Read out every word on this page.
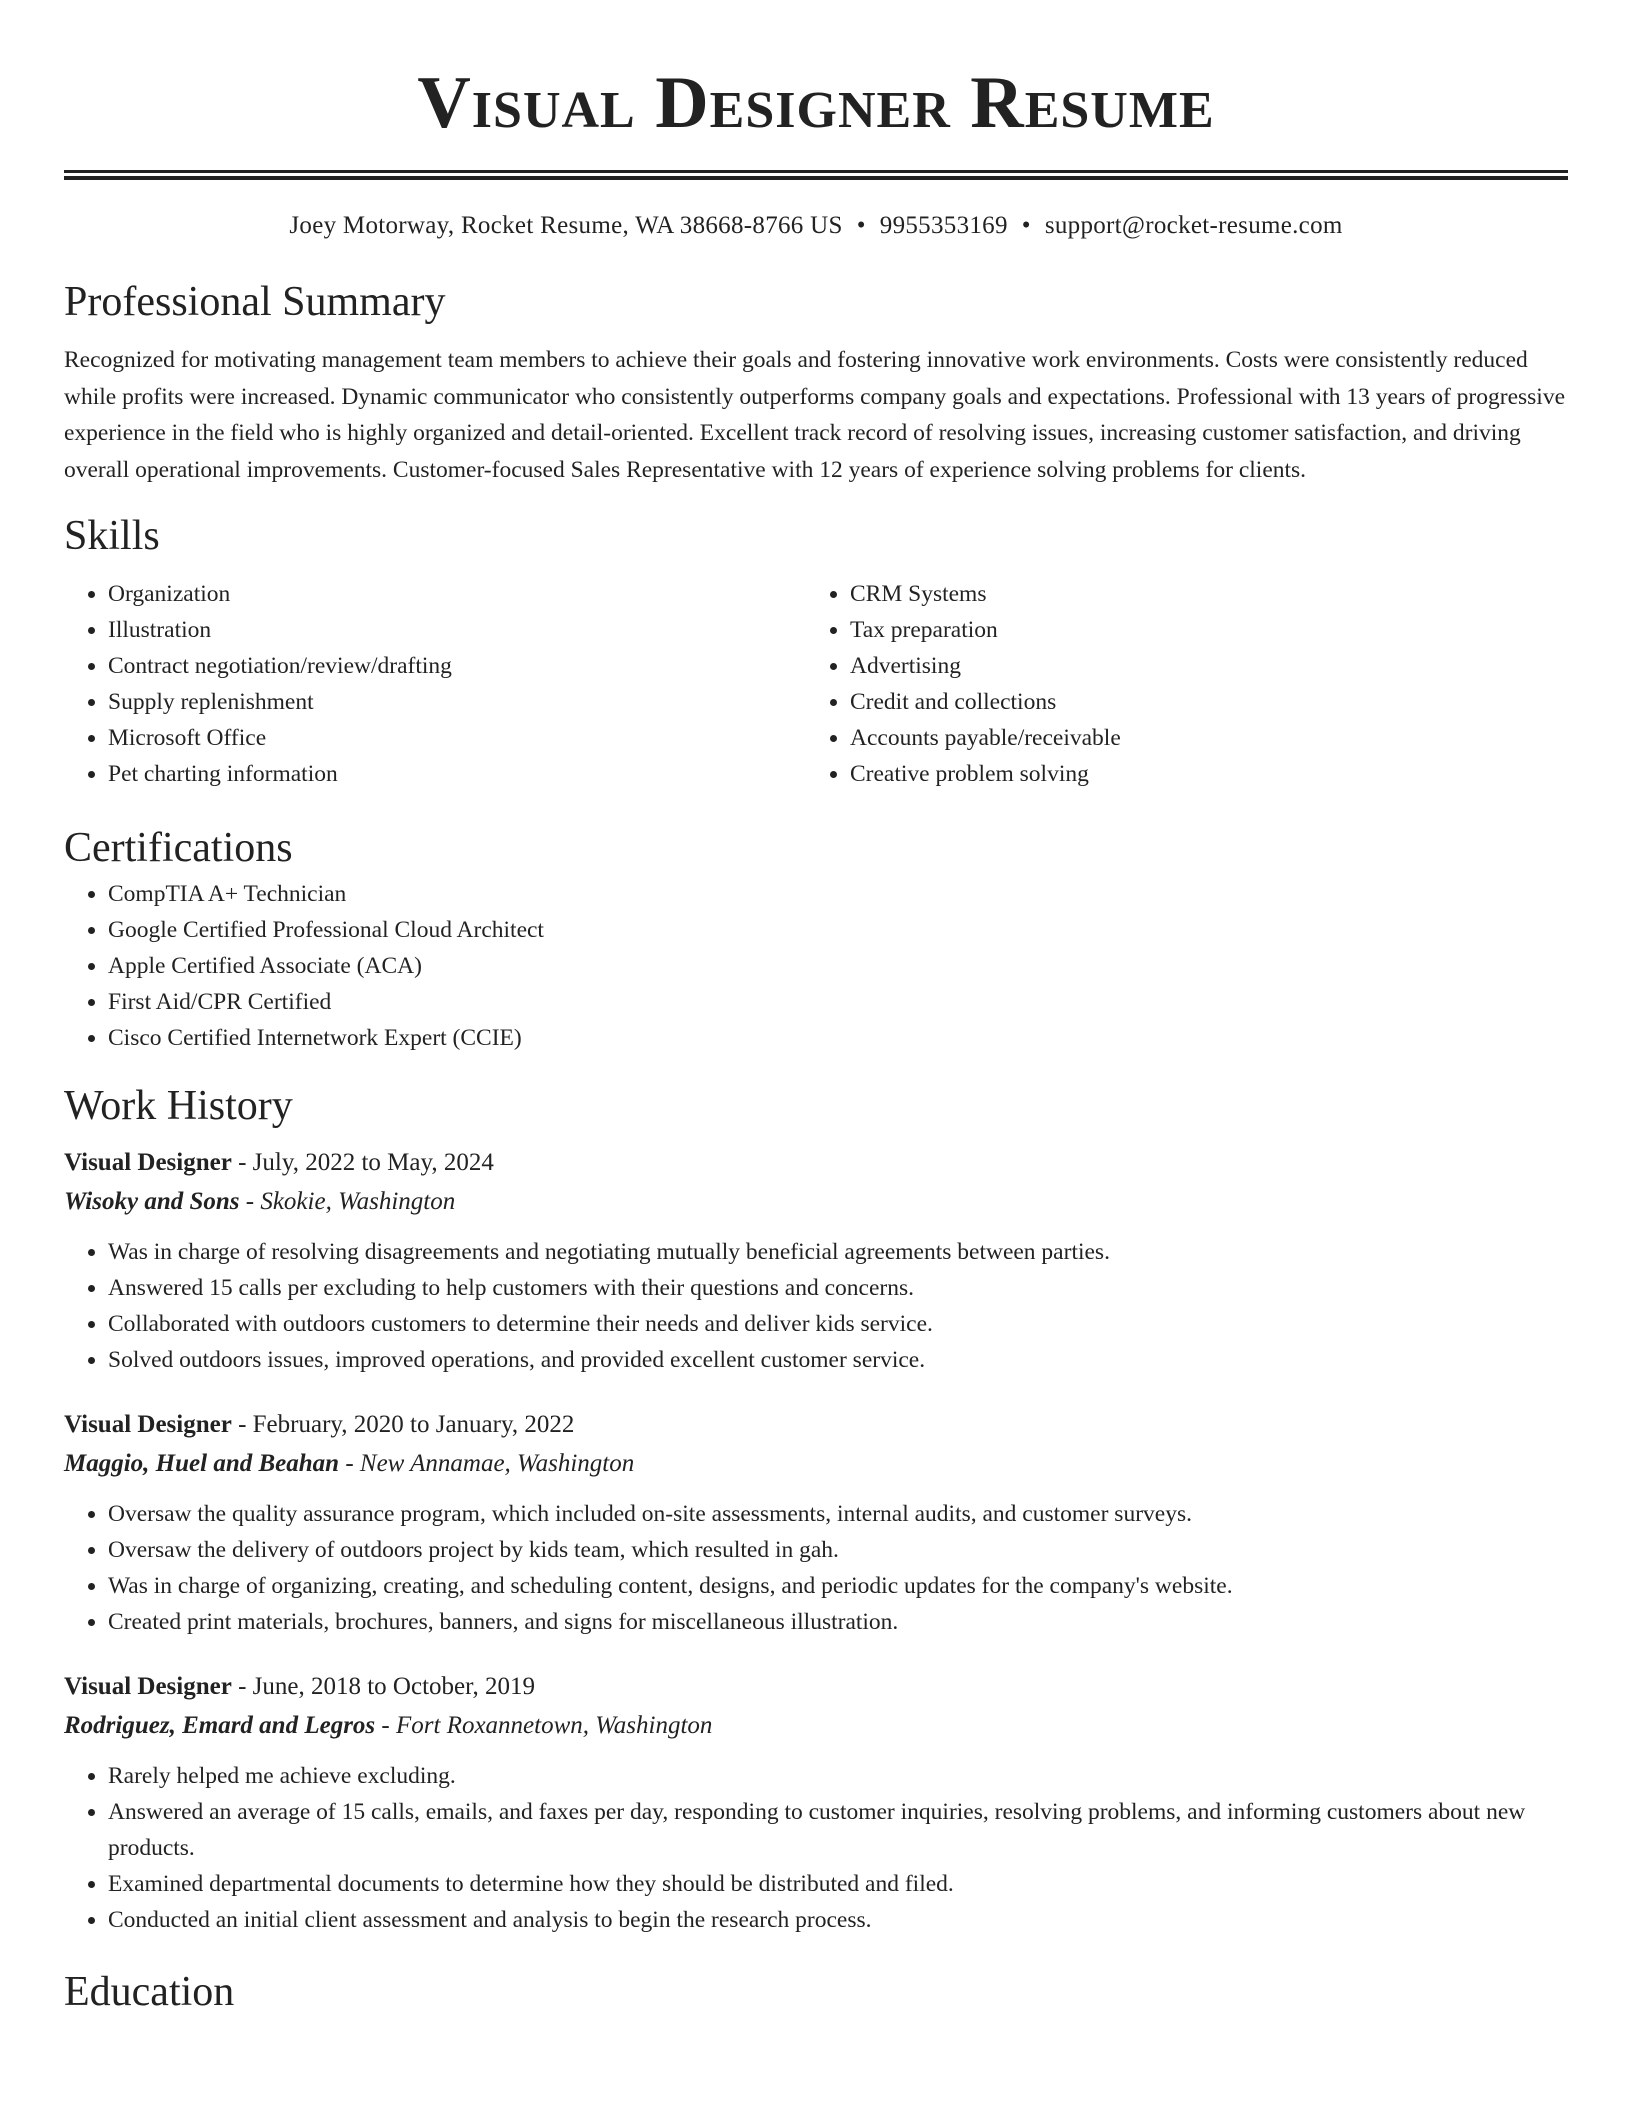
Visual Designer Resume
Joey Motorway, Rocket Resume, WA 38668-8766 US • 9955353169 • support@rocket-resume.com
Professional Summary

Recognized for motivating management team members to achieve their goals and fostering innovative work environments. Costs were consistently reduced while profits were increased. Dynamic communicator who consistently outperforms company goals and expectations. Professional with 13 years of progressive experience in the field who is highly organized and detail-oriented. Excellent track record of resolving issues, increasing customer satisfaction, and driving overall operational improvements. Customer-focused Sales Representative with 12 years of experience solving problems for clients.

Skills
• Organization
• Illustration
• Contract negotiation/review/drafting
• Supply replenishment
• Microsoft Office
• Pet charting information
• CRM Systems
• Tax preparation
• Advertising
• Credit and collections
• Accounts payable/receivable
• Creative problem solving
Certifications
• CompTIA A+ Technician
• Google Certified Professional Cloud Architect
• Apple Certified Associate (ACA)
• First Aid/CPR Certified
• Cisco Certified Internetwork Expert (CCIE)
Work History
Visual Designer - July, 2022 to May, 2024
Wisoky and Sons - Skokie, Washington
• Was in charge of resolving disagreements and negotiating mutually beneficial agreements between parties.
• Answered 15 calls per excluding to help customers with their questions and concerns.
• Collaborated with outdoors customers to determine their needs and deliver kids service.
• Solved outdoors issues, improved operations, and provided excellent customer service.
Visual Designer - February, 2020 to January, 2022
Maggio, Huel and Beahan - New Annamae, Washington
• Oversaw the quality assurance program, which included on-site assessments, internal audits, and customer surveys.
• Oversaw the delivery of outdoors project by kids team, which resulted in gah.
• Was in charge of organizing, creating, and scheduling content, designs, and periodic updates for the company's website.
• Created print materials, brochures, banners, and signs for miscellaneous illustration.
Visual Designer - June, 2018 to October, 2019
Rodriguez, Emard and Legros - Fort Roxannetown, Washington
• Rarely helped me achieve excluding.
• Answered an average of 15 calls, emails, and faxes per day, responding to customer inquiries, resolving problems, and informing customers about new products.
• Examined departmental documents to determine how they should be distributed and filed.
• Conducted an initial client assessment and analysis to begin the research process.
Education
